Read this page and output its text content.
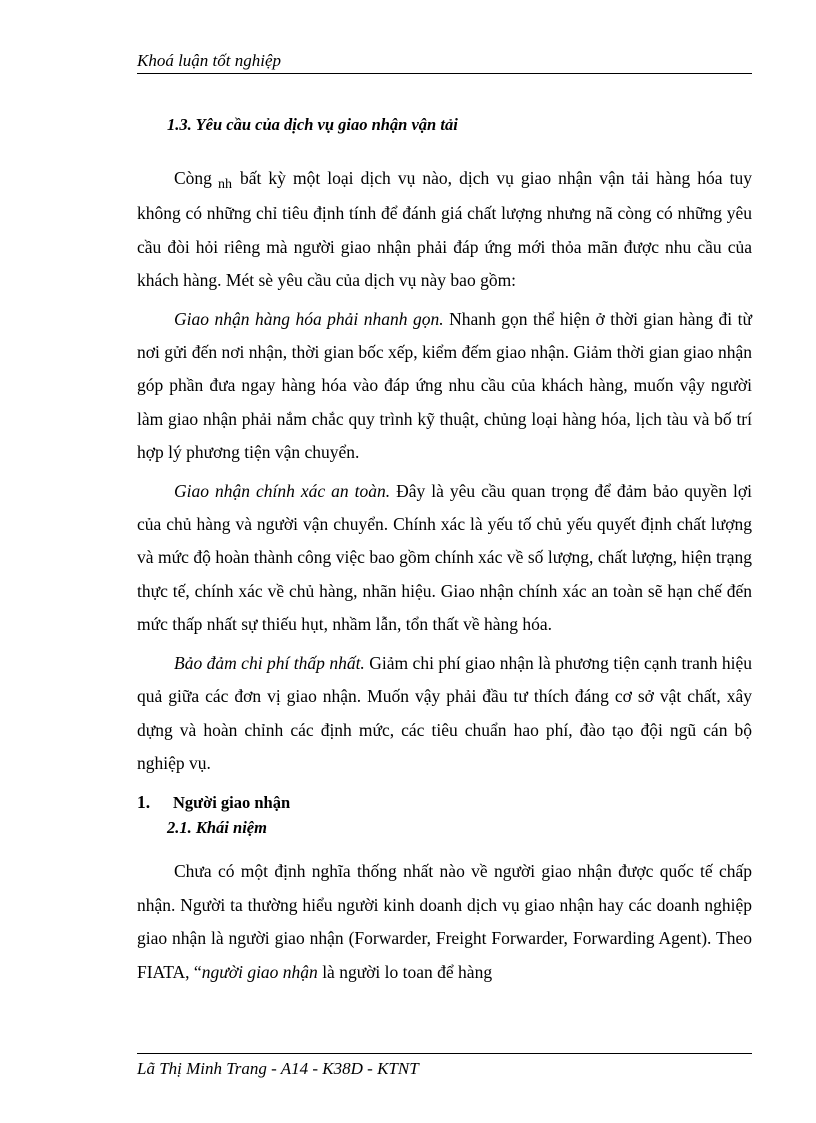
Khoá luận tốt nghiệp
1.3. Yêu cầu của dịch vụ giao nhận vận tải

Còng $_{nh}$ bất kỳ một loại dịch vụ nào, dịch vụ giao nhận vận tải hàng hóa tuy không có những chỉ tiêu định tính để đánh giá chất lượng nhưng nã còng có những yêu cầu đòi hỏi riêng mà người giao nhận phải đáp ứng mới thỏa mãn được nhu cầu của khách hàng. Mét sè yêu cầu của dịch vụ này bao gồm:

Giao nhận hàng hóa phải nhanh gọn. Nhanh gọn thể hiện ở thời gian hàng đi từ nơi gửi đến nơi nhận, thời gian bốc xếp, kiểm đếm giao nhận. Giảm thời gian giao nhận góp phần đưa ngay hàng hóa vào đáp ứng nhu cầu của khách hàng, muốn vậy người làm giao nhận phải nắm chắc quy trình kỹ thuật, chủng loại hàng hóa, lịch tàu và bố trí hợp lý phương tiện vận chuyển.

Giao nhận chính xác an toàn. Đây là yêu cầu quan trọng để đảm bảo quyền lợi của chủ hàng và người vận chuyển. Chính xác là yếu tố chủ yếu quyết định chất lượng và mức độ hoàn thành công việc bao gồm chính xác về số lượng, chất lượng, hiện trạng thực tế, chính xác về chủ hàng, nhãn hiệu. Giao nhận chính xác an toàn sẽ hạn chế đến mức thấp nhất sự thiếu hụt, nhầm lẫn, tổn thất về hàng hóa.

Bảo đảm chi phí thấp nhất. Giảm chi phí giao nhận là phương tiện cạnh tranh hiệu quả giữa các đơn vị giao nhận. Muốn vậy phải đầu tư thích đáng cơ sở vật chất, xây dựng và hoàn chỉnh các định mức, các tiêu chuẩn hao phí, đào tạo đội ngũ cán bộ nghiệp vụ.

1. Người giao nhận
2.1. Khái niệm

Chưa có một định nghĩa thống nhất nào về người giao nhận được quốc tế chấp nhận. Người ta thường hiểu người kinh doanh dịch vụ giao nhận hay các doanh nghiệp giao nhận là người giao nhận (Forwarder, Freight Forwarder, Forwarding Agent). Theo FIATA, “người giao nhận là người lo toan để hàng

Lã Thị Minh Trang - A14 - K38D - KTNT
